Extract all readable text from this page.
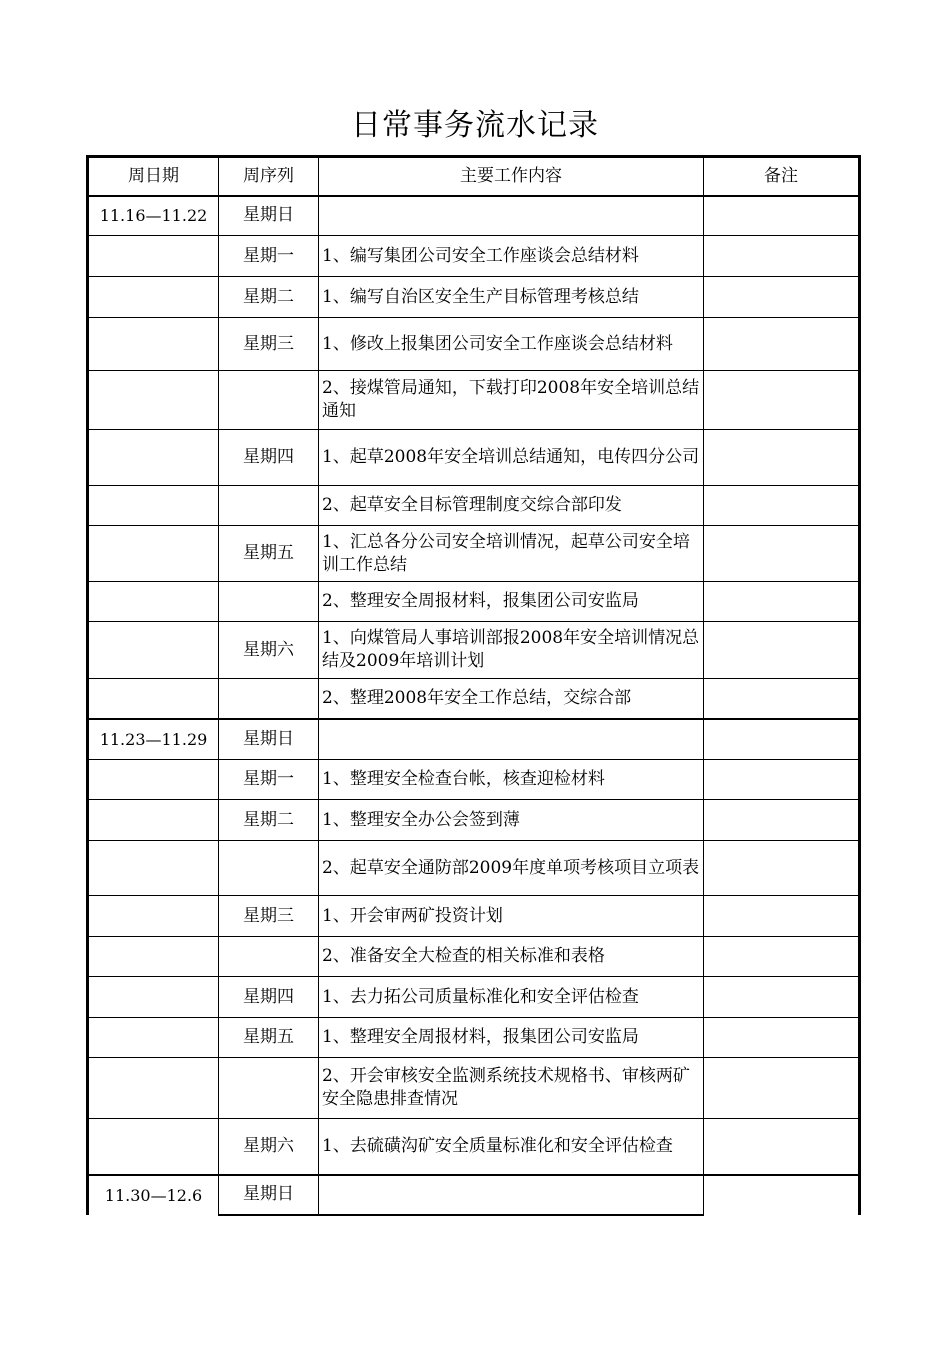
日常事务流水记录
周日期	周序列	主要工作内容	备注
11.16—11.22	星期日		
	星期一	1、编写集团公司安全工作座谈会总结材料	
	星期二	1、编写自治区安全生产目标管理考核总结	
	星期三	1、修改上报集团公司安全工作座谈会总结材料	
		2、接煤管局通知，下载打印2008年安全培训总结通知	
	星期四	1、起草2008年安全培训总结通知，电传四分公司	
		2、起草安全目标管理制度交综合部印发	
	星期五	1、汇总各分公司安全培训情况，起草公司安全培训工作总结	
		2、整理安全周报材料，报集团公司安监局	
	星期六	1、向煤管局人事培训部报2008年安全培训情况总结及2009年培训计划	
		2、整理2008年安全工作总结，交综合部	
11.23—11.29	星期日		
	星期一	1、整理安全检查台帐，核查迎检材料	
	星期二	1、整理安全办公会签到薄	
		2、起草安全通防部2009年度单项考核项目立项表	
	星期三	1、开会审两矿投资计划	
		2、准备安全大检查的相关标准和表格	
	星期四	1、去力拓公司质量标准化和安全评估检查	
	星期五	1、整理安全周报材料，报集团公司安监局	
		2、开会审核安全监测系统技术规格书、审核两矿安全隐患排查情况	
	星期六	1、去硫磺沟矿安全质量标准化和安全评估检查	
11.30—12.6	星期日		
